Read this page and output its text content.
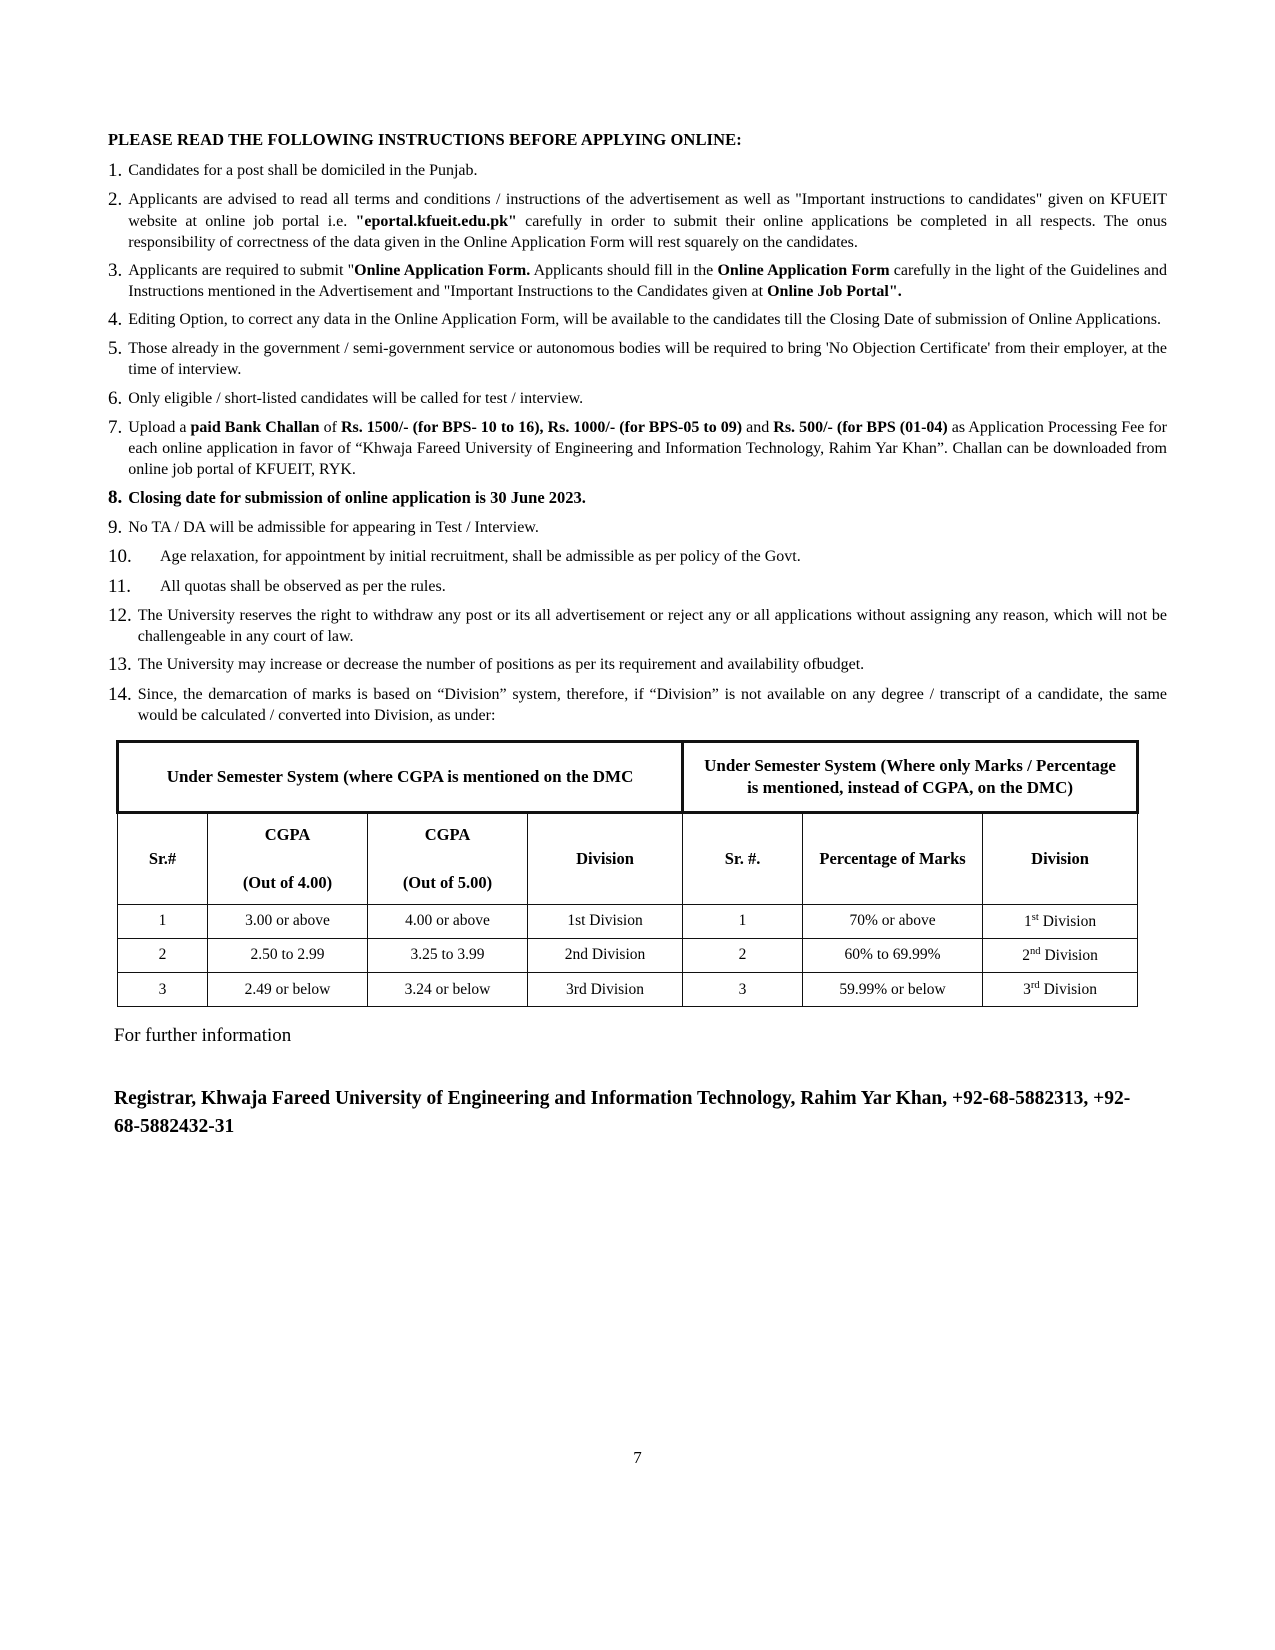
PLEASE READ THE FOLLOWING INSTRUCTIONS BEFORE APPLYING ONLINE:
1. Candidates for a post shall be domiciled in the Punjab.
2. Applicants are advised to read all terms and conditions / instructions of the advertisement as well as "Important instructions to candidates" given on KFUEIT website at online job portal i.e. "eportal.kfueit.edu.pk" carefully in order to submit their online applications be completed in all respects. The onus responsibility of correctness of the data given in the Online Application Form will rest squarely on the candidates.
3. Applicants are required to submit "Online Application Form. Applicants should fill in the Online Application Form carefully in the light of the Guidelines and Instructions mentioned in the Advertisement and "Important Instructions to the Candidates given at Online Job Portal".
4. Editing Option, to correct any data in the Online Application Form, will be available to the candidates till the Closing Date of submission of Online Applications.
5. Those already in the government / semi-government service or autonomous bodies will be required to bring 'No Objection Certificate' from their employer, at the time of interview.
6. Only eligible / short-listed candidates will be called for test / interview.
7. Upload a paid Bank Challan of Rs. 1500/- (for BPS- 10 to 16), Rs. 1000/- (for BPS-05 to 09) and Rs. 500/- (for BPS (01-04) as Application Processing Fee for each online application in favor of “Khwaja Fareed University of Engineering and Information Technology, Rahim Yar Khan”. Challan can be downloaded from online job portal of KFUEIT, RYK.
8. Closing date for submission of online application is 30 June 2023.
9. No TA / DA will be admissible for appearing in Test / Interview.
10.	Age relaxation, for appointment by initial recruitment, shall be admissible as per policy of the Govt.
11.	All quotas shall be observed as per the rules.
12. The University reserves the right to withdraw any post or its all advertisement or reject any or all applications without assigning any reason, which will not be challengeable in any court of law.
13. The University may increase or decrease the number of positions as per its requirement and availability ofbudget.
14. Since, the demarcation of marks is based on “Division” system, therefore, if “Division” is not available on any degree / transcript of a candidate, the same would be calculated / converted into Division, as under:
Under Semester System (where CGPA is mentioned on the DMC				Under Semester System (Where only Marks / Percentage is mentioned, instead of CGPA, on the DMC)		
Sr.#	CGPA

(Out of 4.00)	CGPA

(Out of 5.00)	Division	Sr. #.	Percentage of Marks	Division
1	3.00 or above	4.00 or above	1st Division	1	70% or above	1st Division
2	2.50 to 2.99	3.25 to 3.99	2nd Division	2	60% to 69.99%	2nd Division
3	2.49 or below	3.24 or below	3rd Division	3	59.99% or below	3rd Division
For further information
Registrar, Khwaja Fareed University of Engineering and Information Technology, Rahim Yar Khan, +92-68-5882313, +92-68-5882432-31
7
